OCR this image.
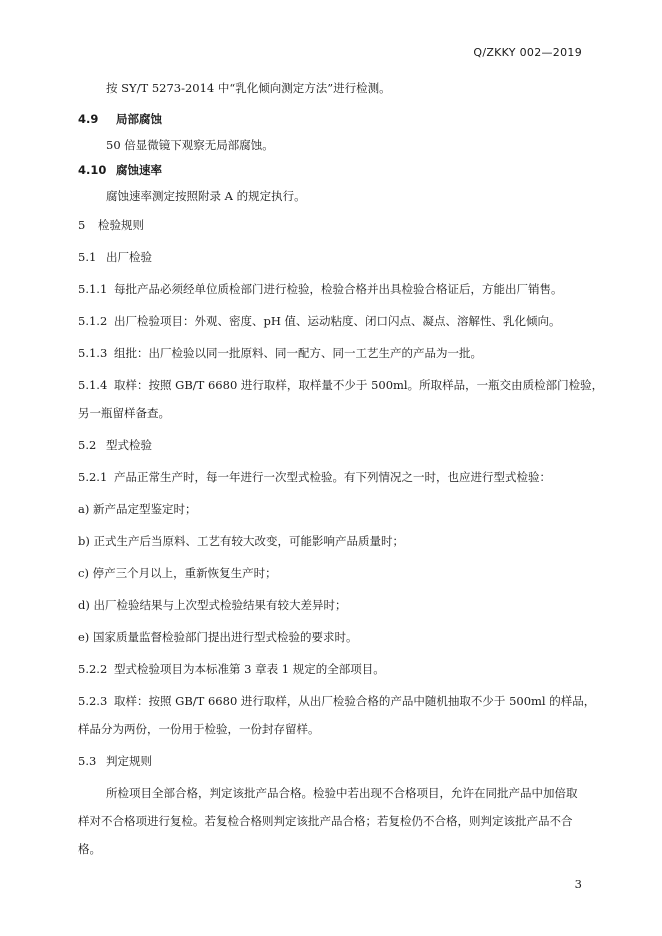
Q/ZKKY 002—2019
按 SY/T 5273-2014 中“乳化倾向测定方法”进行检测。
4.9 局部腐蚀
50 倍显微镜下观察无局部腐蚀。
4.10 腐蚀速率
腐蚀速率测定按照附录 A 的规定执行。
5 检验规则
5.1 出厂检验
5.1.1 每批产品必须经单位质检部门进行检验，检验合格并出具检验合格证后，方能出厂销售。
5.1.2 出厂检验项目：外观、密度、pH 值、运动粘度、闭口闪点、凝点、溶解性、乳化倾向。
5.1.3 组批：出厂检验以同一批原料、同一配方、同一工艺生产的产品为一批。
5.1.4 取样：按照 GB/T 6680 进行取样，取样量不少于 500ml。所取样品，一瓶交由质检部门检验，
另一瓶留样备查。
5.2 型式检验
5.2.1 产品正常生产时，每一年进行一次型式检验。有下列情况之一时，也应进行型式检验：
a) 新产品定型鉴定时；
b) 正式生产后当原料、工艺有较大改变，可能影响产品质量时；
c) 停产三个月以上，重新恢复生产时；
d) 出厂检验结果与上次型式检验结果有较大差异时；
e) 国家质量监督检验部门提出进行型式检验的要求时。
5.2.2 型式检验项目为本标准第 3 章表 1 规定的全部项目。
5.2.3 取样：按照 GB/T 6680 进行取样，从出厂检验合格的产品中随机抽取不少于 500ml 的样品，
样品分为两份，一份用于检验，一份封存留样。
5.3 判定规则
所检项目全部合格，判定该批产品合格。检验中若出现不合格项目，允许在同批产品中加倍取
样对不合格项进行复检。若复检合格则判定该批产品合格；若复检仍不合格，则判定该批产品不合
格。
3
